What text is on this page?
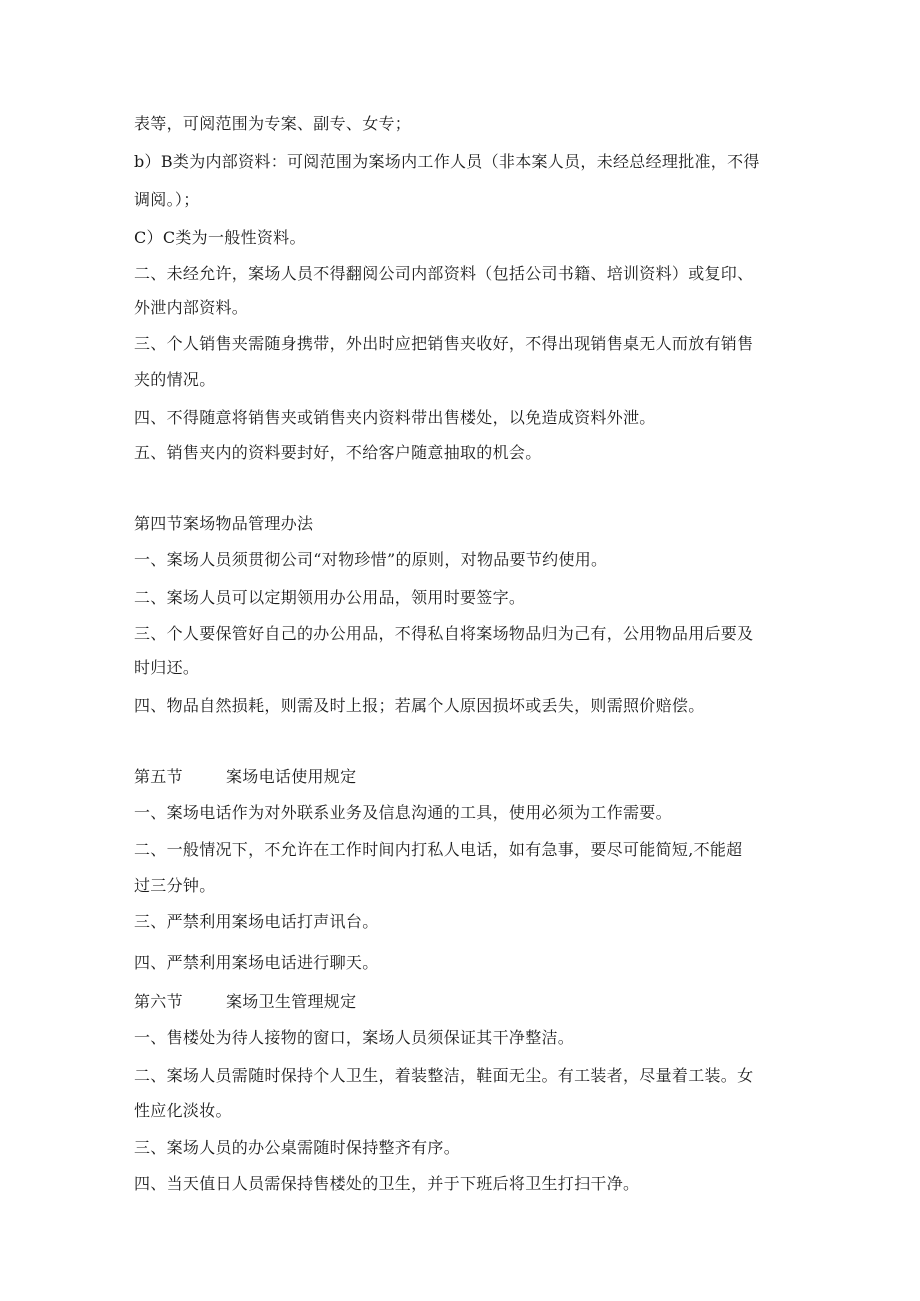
表等，可阅范围为专案、副专、女专；
b）B类为内部资料：可阅范围为案场内工作人员（非本案人员，未经总经理批准，不得
调阅。）；
C）C类为一般性资料。
二、未经允许，案场人员不得翻阅公司内部资料（包括公司书籍、培训资料）或复印、
外泄内部资料。
三、个人销售夹需随身携带，外出时应把销售夹收好，不得出现销售桌无人而放有销售
夹的情况。
四、不得随意将销售夹或销售夹内资料带出售楼处，以免造成资料外泄。
五、销售夹内的资料要封好，不给客户随意抽取的机会。
第四节案场物品管理办法
一、案场人员须贯彻公司“对物珍惜”的原则，对物品要节约使用。
二、案场人员可以定期领用办公用品，领用时要签字。
三、个人要保管好自己的办公用品，不得私自将案场物品归为己有，公用物品用后要及
时归还。
四、物品自然损耗，则需及时上报；若属个人原因损坏或丢失，则需照价赔偿。
第五节	案场电话使用规定
一、案场电话作为对外联系业务及信息沟通的工具，使用必须为工作需要。
二、一般情况下，不允许在工作时间内打私人电话，如有急事，要尽可能简短,不能超
过三分钟。
三、严禁利用案场电话打声讯台。
四、严禁利用案场电话进行聊天。
第六节	案场卫生管理规定
一、售楼处为待人接物的窗口，案场人员须保证其干净整洁。
二、案场人员需随时保持个人卫生，着装整洁，鞋面无尘。有工装者，尽量着工装。女
性应化淡妆。
三、案场人员的办公桌需随时保持整齐有序。
四、当天值日人员需保持售楼处的卫生，并于下班后将卫生打扫干净。
